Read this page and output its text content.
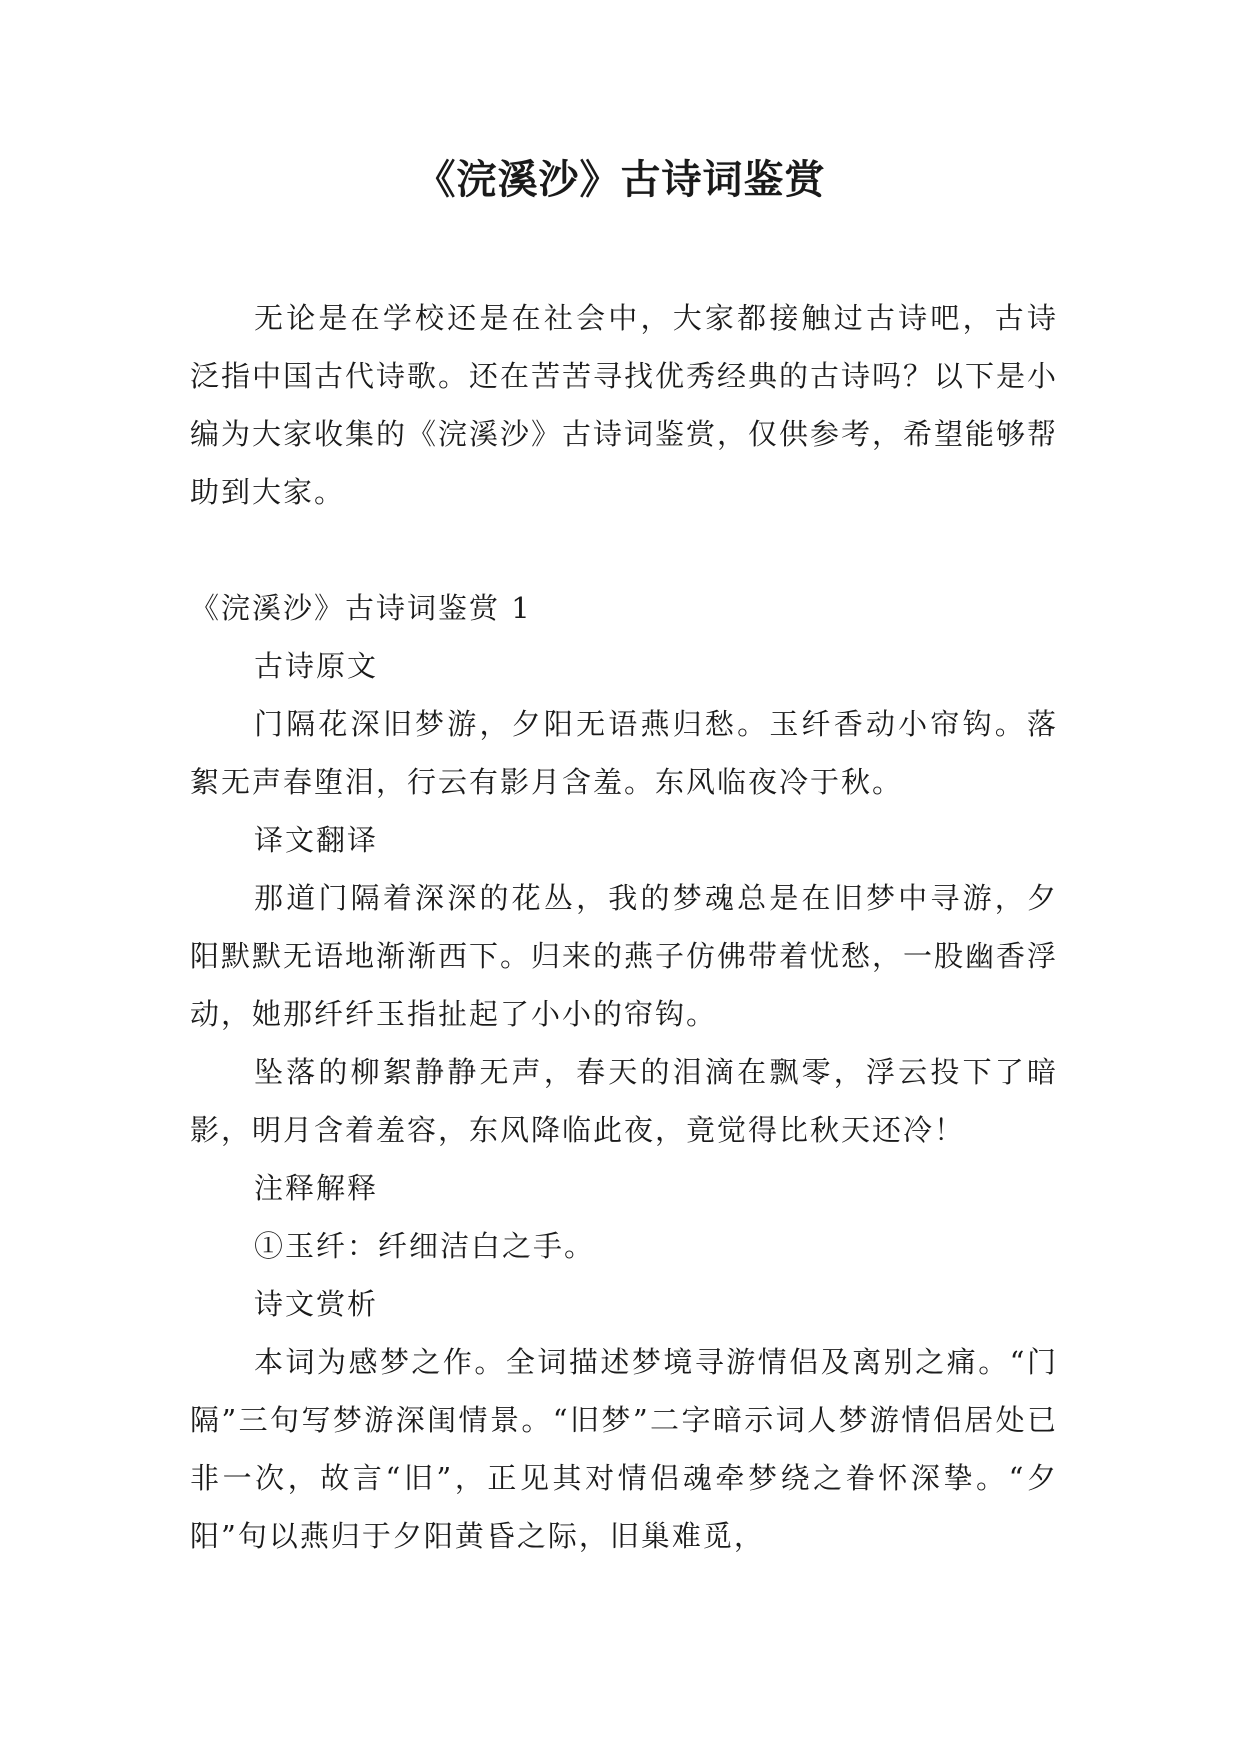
《浣溪沙》古诗词鉴赏

无论是在学校还是在社会中，大家都接触过古诗吧，古诗泛指中国古代诗歌。还在苦苦寻找优秀经典的古诗吗？以下是小编为大家收集的《浣溪沙》古诗词鉴赏，仅供参考，希望能够帮助到大家。

《浣溪沙》古诗词鉴赏 1

古诗原文

门隔花深旧梦游，夕阳无语燕归愁。玉纤香动小帘钩。落絮无声春堕泪，行云有影月含羞。东风临夜冷于秋。

译文翻译

那道门隔着深深的花丛，我的梦魂总是在旧梦中寻游，夕阳默默无语地渐渐西下。归来的燕子仿佛带着忧愁，一股幽香浮动，她那纤纤玉指扯起了小小的帘钩。

坠落的柳絮静静无声，春天的泪滴在飘零，浮云投下了暗影，明月含着羞容，东风降临此夜，竟觉得比秋天还冷！

注释解释

①玉纤：纤细洁白之手。

诗文赏析

本词为感梦之作。全词描述梦境寻游情侣及离别之痛。“门隔”三句写梦游深闺情景。“旧梦”二字暗示词人梦游情侣居处已非一次，故言“旧”，正见其对情侣魂牵梦绕之眷怀深挚。“夕阳”句以燕归于夕阳黄昏之际，旧巢难觅，
